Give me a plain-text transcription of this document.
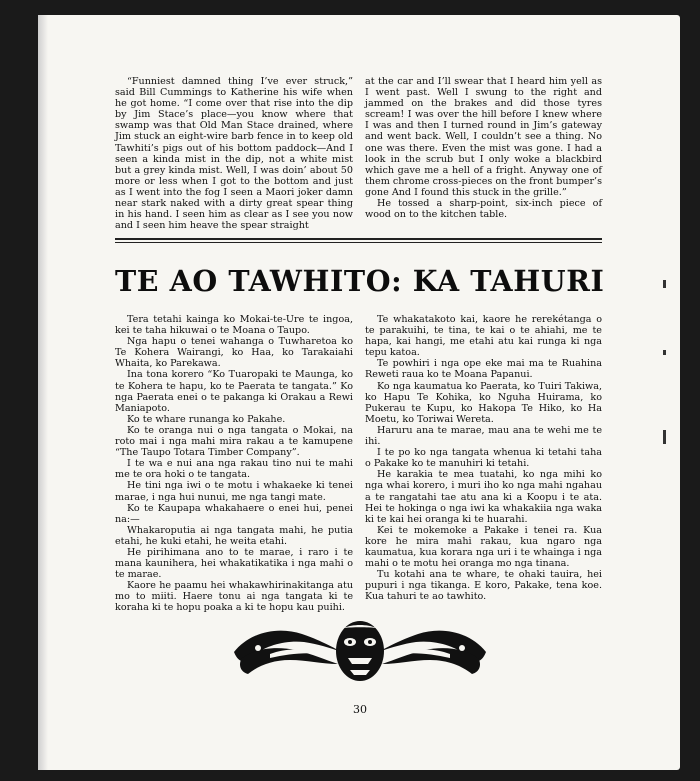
“Funniest damned thing I’ve ever struck,” said Bill Cummings to Katherine his wife when he got home. “I come over that rise into the dip by Jim Stace’s place—you know where that swamp was that Old Man Stace drained, where Jim stuck an eight-wire barb fence in to keep old Tawhiti’s pigs out of his bottom paddock—And I seen a kinda mist in the dip, not a white mist but a grey kinda mist. Well, I was doin’ about 50 more or less when I got to the bottom and just as I went into the fog I seen a Maori joker damn near stark naked with a dirty great spear thing in his hand. I seen him as clear as I see you now and I seen him heave the spear straight

at the car and I’ll swear that I heard him yell as I went past. Well I swung to the right and jammed on the brakes and did those tyres scream! I was over the hill before I knew where I was and then I turned round in Jim’s gateway and went back. Well, I couldn’t see a thing. No one was there. Even the mist was gone. I had a look in the scrub but I only woke a blackbird which gave me a hell of a fright. Anyway one of them chrome cross-pieces on the front bumper’s gone And I found this stuck in the grille.”

He tossed a sharp-point, six-inch piece of wood on to the kitchen table.

TE AO TAWHITO: KA TAHURI

Tera tetahi kainga ko Mokai-te-Ure te ingoa, kei te taha hikuwai o te Moana o Taupo.

Nga hapu o tenei wahanga o Tuwharetoa ko Te Kohera Wairangi, ko Haa, ko Tarakaiahi Whaita, ko Parekawa.

Ina tona korero “Ko Tuaropaki te Maunga, ko te Kohera te hapu, ko te Paerata te tangata.” Ko nga Paerata enei o te pakanga ki Orakau a Rewi Maniapoto.

Ko te whare runanga ko Pakahe.

Ko te oranga nui o nga tangata o Mokai, na roto mai i nga mahi mira rakau a te kamupene “The Taupo Totara Timber Company”.

I te wa e nui ana nga rakau tino nui te mahi me te ora hoki o te tangata.

He tini nga iwi o te motu i whakaeke ki tenei marae, i nga hui nunui, me nga tangi mate.

Ko te Kaupapa whakahaere o enei hui, penei na:—

Whakaroputia ai nga tangata mahi, he putia etahi, he kuki etahi, he weita etahi.

He pirihimana ano to te marae, i raro i te mana kaunihera, hei whakatikatika i nga mahi o te marae.

Kaore he paamu hei whakawhirinakitanga atu mo to miiti. Haere tonu ai nga tangata ki te koraha ki te hopu poaka a ki te hopu kau puihi.

Te whakatakoto kai, kaore he rerekétanga o te parakuihi, te tina, te kai o te ahiahi, me te hapa, kai hangi, me etahi atu kai runga ki nga tepu katoa.

Te powhiri i nga ope eke mai ma te Ruahina Reweti raua ko te Moana Papanui.

Ko nga kaumatua ko Paerata, ko Tuiri Takiwa, ko Hapu Te Kohika, ko Nguha Huirama, ko Pukerau te Kupu, ko Hakopa Te Hiko, ko Ha Moetu, ko Toriwai Wereta.

Haruru ana te marae, mau ana te wehi me te ihi.

I te po ko nga tangata whenua ki tetahi taha o Pakake ko te manuhiri ki tetahi.

He karakia te mea tuatahi, ko nga mihi ko nga whai korero, i muri iho ko nga mahi ngahau a te rangatahi tae atu ana ki a Koopu i te ata. Hei te hokinga o nga iwi ka whakakiia nga waka ki te kai hei oranga ki te huarahi.

Kei te mokemoke a Pakake i tenei ra. Kua kore he mira mahi rakau, kua ngaro nga kaumatua, kua korara nga uri i te whainga i nga mahi o te motu hei oranga mo nga tinana.

Tu kotahi ana te whare, te ohaki tauira, hei pupuri i nga tikanga. E koro, Pakake, tena koe. Kua tahuri te ao tawhito.

30
